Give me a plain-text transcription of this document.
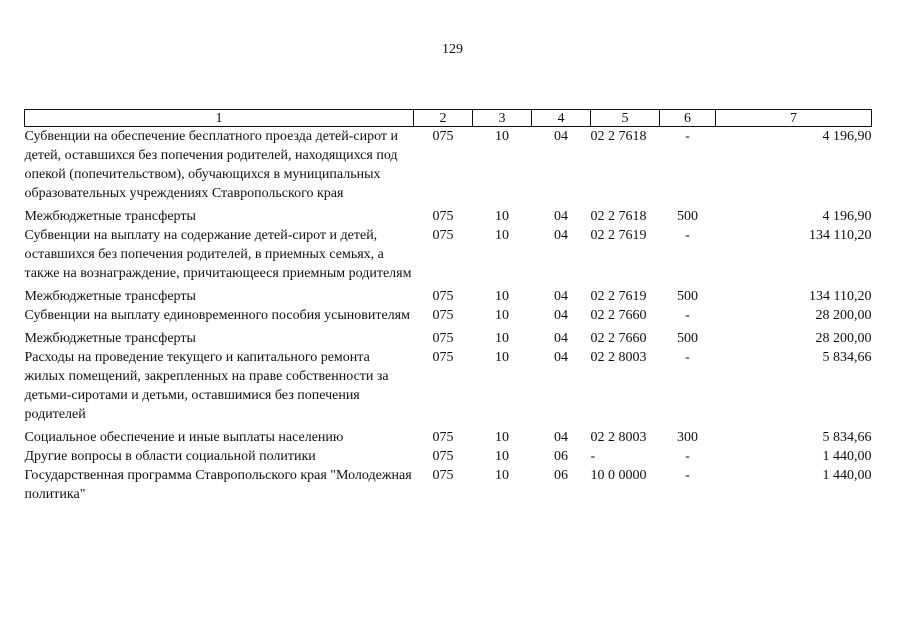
129
1	2	3	4	5	6	7
Субвенции на обеспечение бесплатного проезда детей-сирот и детей, оставшихся без попечения родителей, находящихся под опекой (попечительством), обучающихся в муниципальных образовательных учреждениях Ставропольского края	075	10	04	02 2 7618	-	4 196,90
Межбюджетные трансферты	075	10	04	02 2 7618	500	4 196,90
Субвенции на выплату на содержание детей-сирот и детей, оставшихся без попечения родителей, в приемных семьях, а также на вознаграждение, причитающееся приемным родителям	075	10	04	02 2 7619	-	134 110,20
Межбюджетные трансферты	075	10	04	02 2 7619	500	134 110,20
Субвенции на выплату единовременного пособия усыновителям	075	10	04	02 2 7660	-	28 200,00
Межбюджетные трансферты	075	10	04	02 2 7660	500	28 200,00
Расходы на проведение текущего и капитального ремонта жилых помещений, закрепленных на праве собственности за детьми-сиротами и детьми, оставшимися без попечения родителей	075	10	04	02 2 8003	-	5 834,66
Социальное обеспечение и иные выплаты населению	075	10	04	02 2 8003	300	5 834,66
Другие вопросы в области социальной политики	075	10	06	-	-	1 440,00
Государственная программа Ставропольского края "Молодежная политика"	075	10	06	10 0 0000	-	1 440,00
